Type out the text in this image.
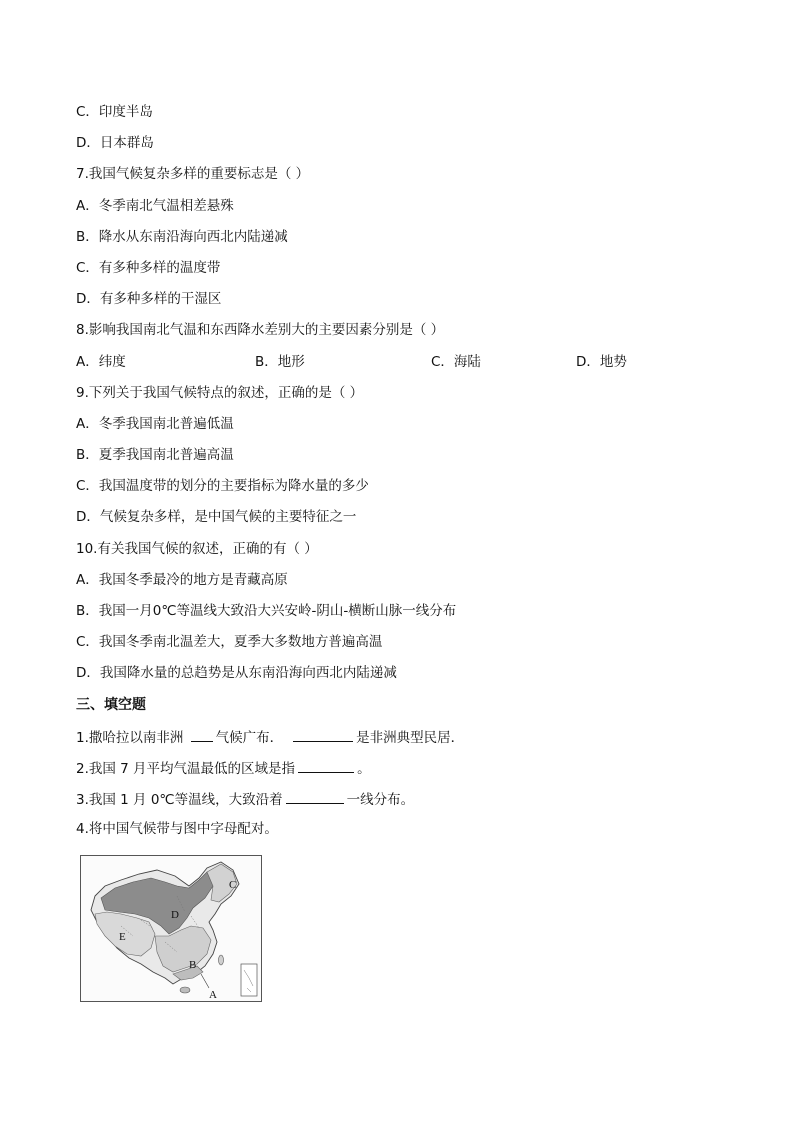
C．印度半岛
D．日本群岛
7.我国气候复杂多样的重要标志是（ ）
A．冬季南北气温相差悬殊
B．降水从东南沿海向西北内陆递减
C．有多种多样的温度带
D．有多种多样的干湿区
8.影响我国南北气温和东西降水差别大的主要因素分别是（ ）
A．纬度	B．地形	C．海陆	D．地势
9.下列关于我国气候特点的叙述，正确的是（ ）
A．冬季我国南北普遍低温
B．夏季我国南北普遍高温
C．我国温度带的划分的主要指标为降水量的多少
D．气候复杂多样，是中国气候的主要特征之一
10.有关我国气候的叙述，正确的有（ ）
A．我国冬季最冷的地方是青藏高原
B．我国一月0℃等温线大致沿大兴安岭-阴山-横断山脉一线分布
C．我国冬季南北温差大，夏季大多数地方普遍高温
D．我国降水量的总趋势是从东南沿海向西北内陆递减
三、填空题
1.撒哈拉以南非洲 气候广布．	是非洲典型民居．
2.我国 7 月平均气温最低的区域是指	。
3.我国 1 月 0℃等温线，大致沿着	一线分布。
4.将中国气候带与图中字母配对。
C
D
E
B
A
